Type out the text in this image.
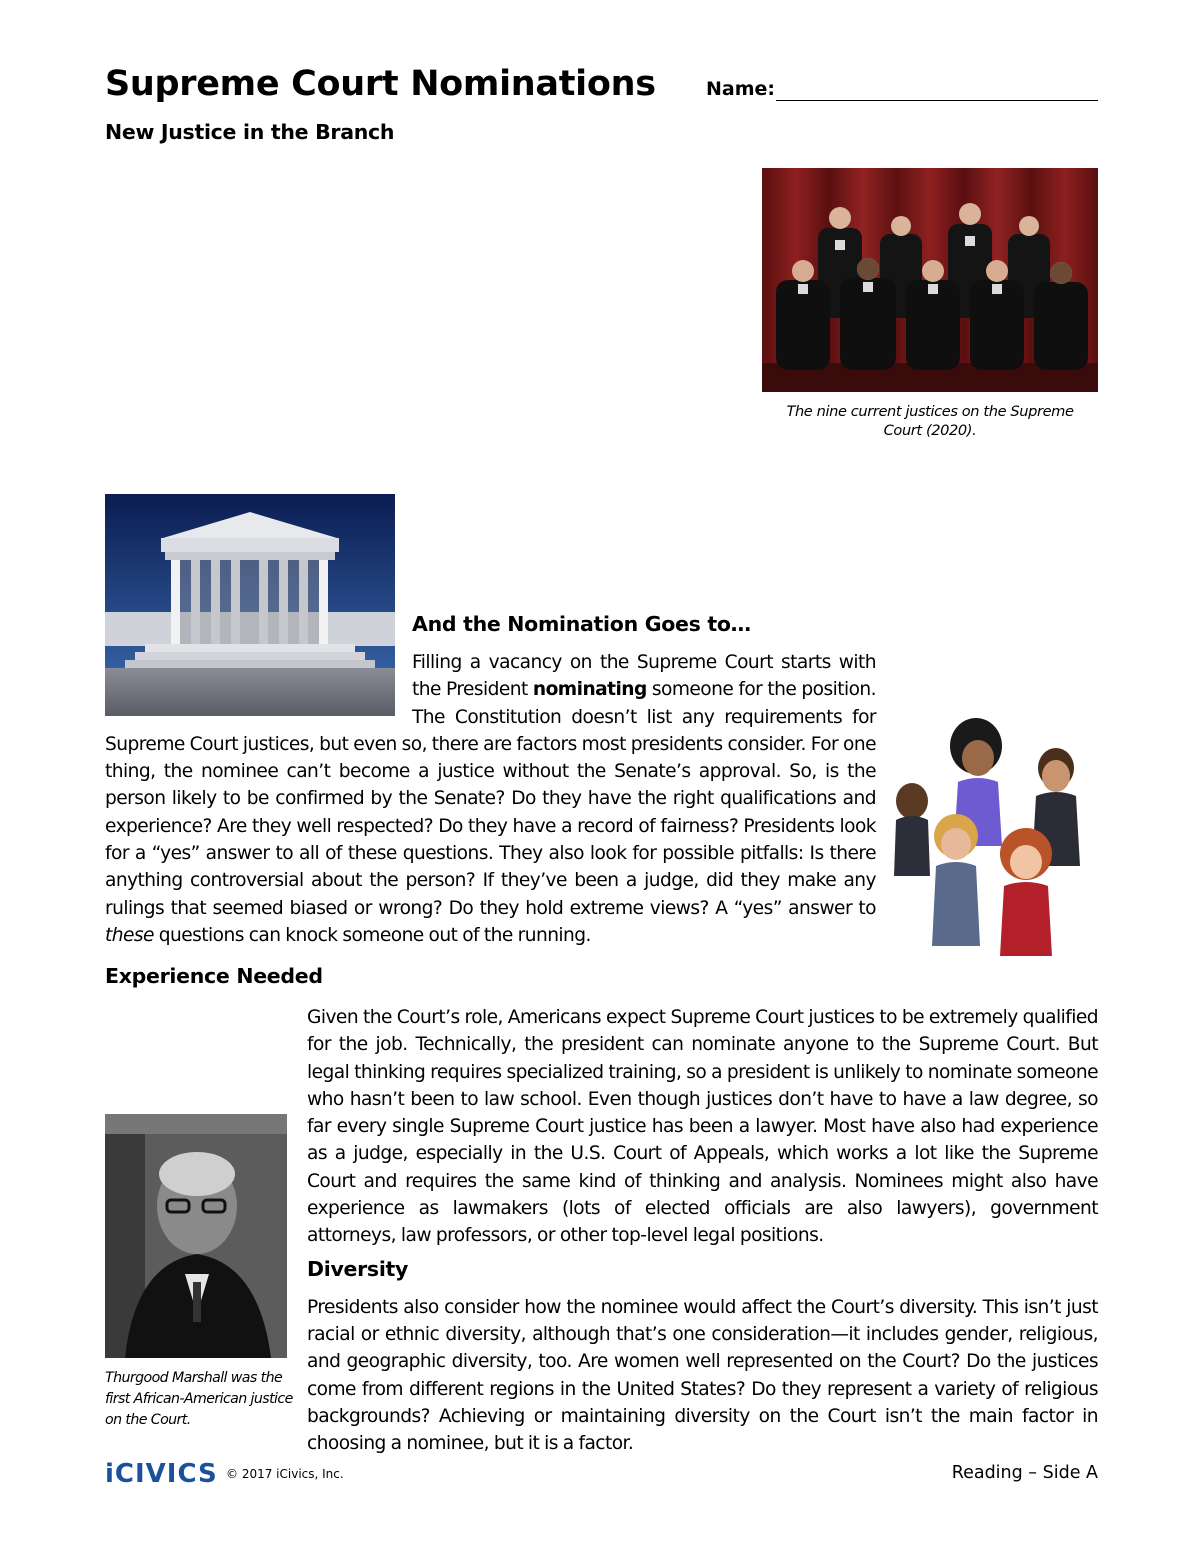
Supreme Court Nominations	Name:
New Justice in the Branch
The nine current justices on the Supreme Court (2020).

And the Nomination Goes to…

Filling a vacancy on the Supreme Court starts with the President nominating someone for the position. The Constitution doesn’t list any requirements for Supreme Court justices, but even so, there are factors most presidents consider. For one thing, the nominee can’t become a justice without the Senate’s approval. So, is the person likely to be confirmed by the Senate? Do they have the right qualifications and experience? Are they well respected? Do they have a record of fairness? Presidents look for a “yes” answer to all of these questions. They also look for possible pitfalls: Is there anything controversial about the person? If they’ve been a judge, did they make any rulings that seemed biased or wrong? Do they hold extreme views? A “yes” answer to these questions can knock someone out of the running.

Experience Needed
Thurgood Marshall was the first African-American justice on the Court.

Given the Court’s role, Americans expect Supreme Court justices to be extremely qualified for the job. Technically, the president can nominate anyone to the Supreme Court. But legal thinking requires specialized training, so a president is unlikely to nominate someone who hasn’t been to law school. Even though justices don’t have to have a law degree, so far every single Supreme Court justice has been a lawyer. Most have also had experience as a judge, especially in the U.S. Court of Appeals, which works a lot like the Supreme Court and requires the same kind of thinking and analysis. Nominees might also have experience as lawmakers (lots of elected officials are also lawyers), government attorneys, law professors, or other top-level legal positions.

Diversity

Presidents also consider how the nominee would affect the Court’s diversity. This isn’t just racial or ethnic diversity, although that’s one consideration—it includes gender, religious, and geographic diversity, too. Are women well represented on the Court? Do the justices come from different regions in the United States? Do they represent a variety of religious backgrounds? Achieving or maintaining diversity on the Court isn’t the main factor in choosing a nominee, but it is a factor.

iCIVICS © 2017 iCivics, Inc.	Reading – Side A
